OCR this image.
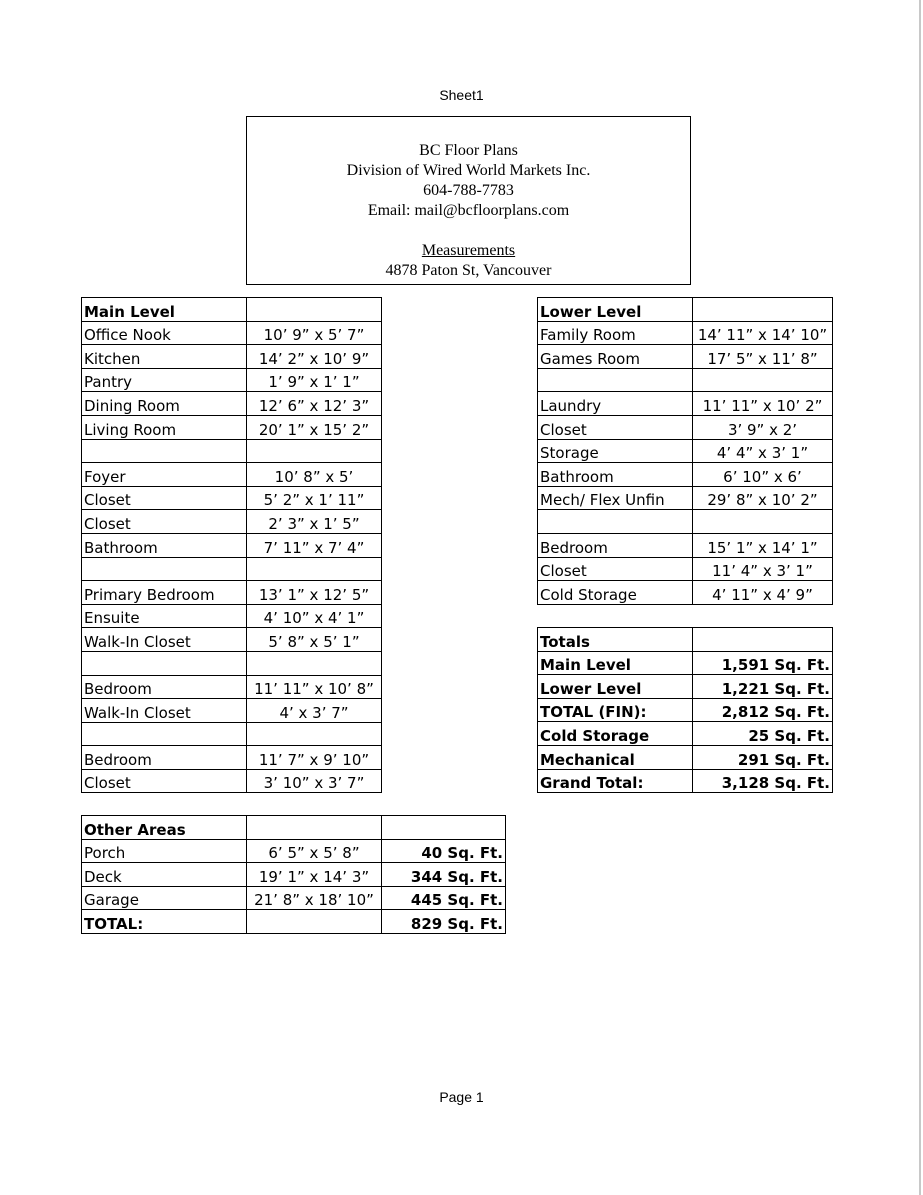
Sheet1
BC Floor Plans
Division of Wired World Markets Inc.
604-788-7783
Email: mail@bcfloorplans.com
Measurements
4878 Paton St, Vancouver
Main Level	
Office Nook	10’ 9” x 5’ 7”
Kitchen	14’ 2” x 10’ 9”
Pantry	1’ 9” x 1’ 1”
Dining Room	12’ 6” x 12’ 3”
Living Room	20’ 1” x 15’ 2”

Foyer	10’ 8” x 5’
Closet	5’ 2” x 1’ 11”
Closet	2’ 3” x 1’ 5”
Bathroom	7’ 11” x 7’ 4”

Primary Bedroom	13’ 1” x 12’ 5”
Ensuite	4’ 10” x 4’ 1”
Walk-In Closet	5’ 8” x 5’ 1”

Bedroom	11’ 11” x 10’ 8”
Walk-In Closet	4’ x 3’ 7”

Bedroom	11’ 7” x 9’ 10”
Closet	3’ 10” x 3’ 7”
Lower Level	
Family Room	14’ 11” x 14’ 10”
Games Room	17’ 5” x 11’ 8”

Laundry	11’ 11” x 10’ 2”
Closet	3’ 9” x 2’
Storage	4’ 4” x 3’ 1”
Bathroom	6’ 10” x 6’
Mech/ Flex Unfin	29’ 8” x 10’ 2”

Bedroom	15’ 1” x 14’ 1”
Closet	11’ 4” x 3’ 1”
Cold Storage	4’ 11” x 4’ 9”
Totals	
Main Level	1,591 Sq. Ft.
Lower Level	1,221 Sq. Ft.
TOTAL (FIN):	2,812 Sq. Ft.
Cold Storage	25 Sq. Ft.
Mechanical	291 Sq. Ft.
Grand Total:	3,128 Sq. Ft.
Other Areas		
Porch	6’ 5” x 5’ 8”	40 Sq. Ft.
Deck	19’ 1” x 14’ 3”	344 Sq. Ft.
Garage	21’ 8” x 18’ 10”	445 Sq. Ft.
TOTAL:		829 Sq. Ft.
Page 1
